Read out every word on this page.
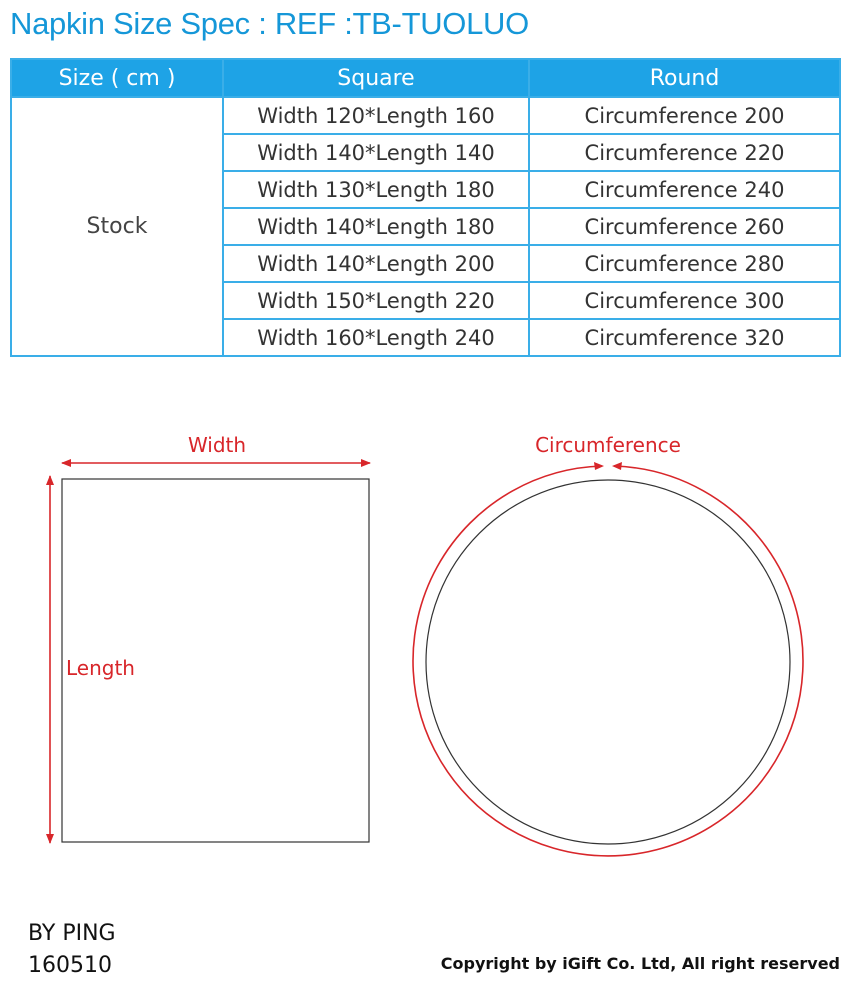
Napkin Size Spec : REF :TB-TUOLUO
Size ( cm )	Square	Round
Stock	Width 120*Length 160	Circumference 200
	Width 140*Length 140	Circumference 220
	Width 130*Length 180	Circumference 240
	Width 140*Length 180	Circumference 260
	Width 140*Length 200	Circumference 280
	Width 150*Length 220	Circumference 300
	Width 160*Length 240	Circumference 320
Width
Length
Circumference
BY PING
160510	Copyright by iGift Co. Ltd, All right reserved
